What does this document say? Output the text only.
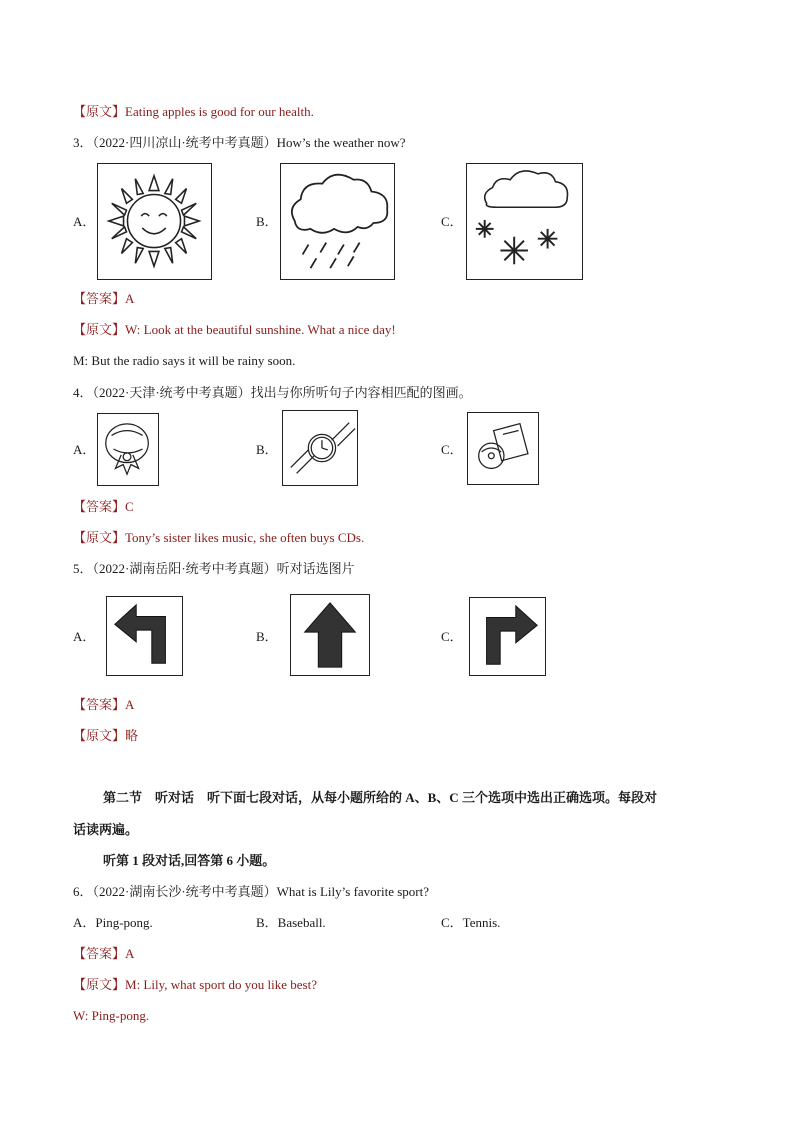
【原文】Eating apples is good for our health.
3．（2022·四川凉山·统考中考真题）How’s the weather now?
A．	B．	C．
【答案】A
【原文】W: Look at the beautiful sunshine. What a nice day!
M: But the radio says it will be rainy soon.
4．（2022·天津·统考中考真题）找出与你所听句子内容相匹配的图画。
A．	B．	C．
【答案】C
【原文】Tony’s sister likes music, she often buys CDs.
5．（2022·湖南岳阳·统考中考真题）听对话选图片
A．	B．	C．
【答案】A
【原文】略
第二节　听对话　听下面七段对话，从每小题所给的 A、B、C 三个选项中选出正确选项。每段对
话读两遍。
听第 1 段对话,回答第 6 小题。
6．（2022·湖南长沙·统考中考真题）What is Lily’s favorite sport?
A．Ping-pong.	B．Baseball.	C．Tennis.
【答案】A
【原文】M: Lily, what sport do you like best?
W: Ping-pong.
